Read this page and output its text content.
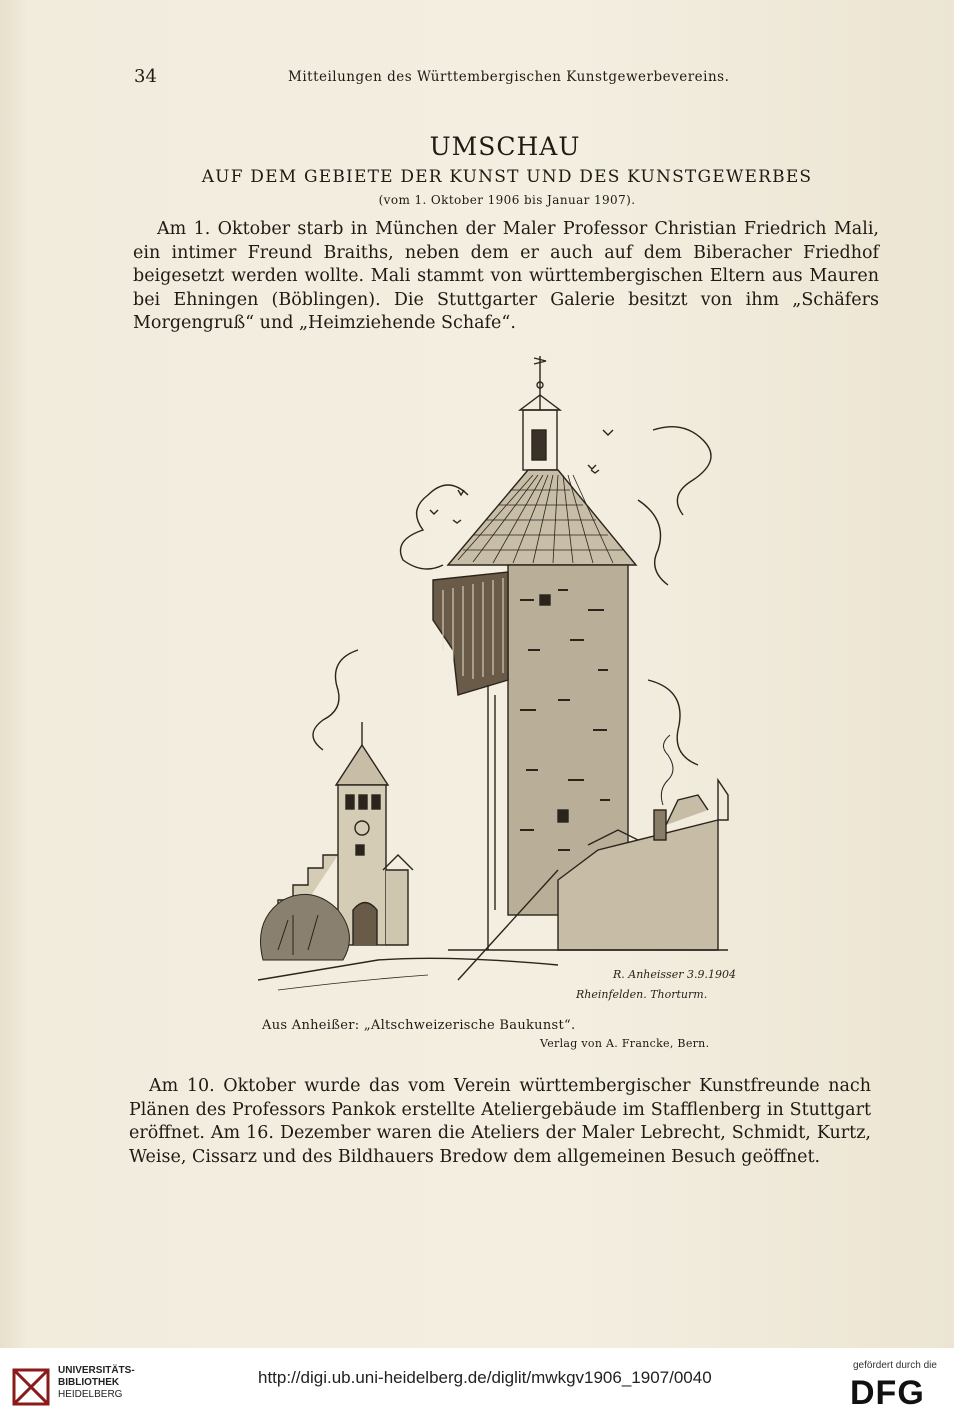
34	Mitteilungen des Württembergischen Kunstgewerbevereins.
UMSCHAU
AUF DEM GEBIETE DER KUNST UND DES KUNSTGEWERBES
(vom 1. Oktober 1906 bis Januar 1907).
Am 1. Oktober starb in München der Maler Professor Christian Friedrich Mali, ein intimer Freund Braiths, neben dem er auch auf dem Biberacher Friedhof beigesetzt werden wollte. Mali stammt von württembergischen Eltern aus Mauren bei Ehningen (Böblingen). Die Stuttgarter Galerie besitzt von ihm „Schäfers Morgengruß“ und „Heimziehende Schafe“.
R. Anheisser 3.9.1904
Rheinfelden. Thorturm.
Aus Anheißer: „Altschweizerische Baukunst“.
Verlag von A. Francke, Bern.
Am 10. Oktober wurde das vom Verein württembergischer Kunstfreunde nach Plänen des Professors Pankok erstellte Ateliergebäude im Stafflenberg in Stuttgart eröffnet. Am 16. Dezember waren die Ateliers der Maler Lebrecht, Schmidt, Kurtz, Weise, Cissarz und des Bildhauers Bredow dem allgemeinen Besuch geöffnet.
UNIVERSITÄTS-
BIBLIOTHEK
HEIDELBERG
http://digi.ub.uni-heidelberg.de/diglit/mwkgv1906_1907/0040
gefördert durch die
DFG
